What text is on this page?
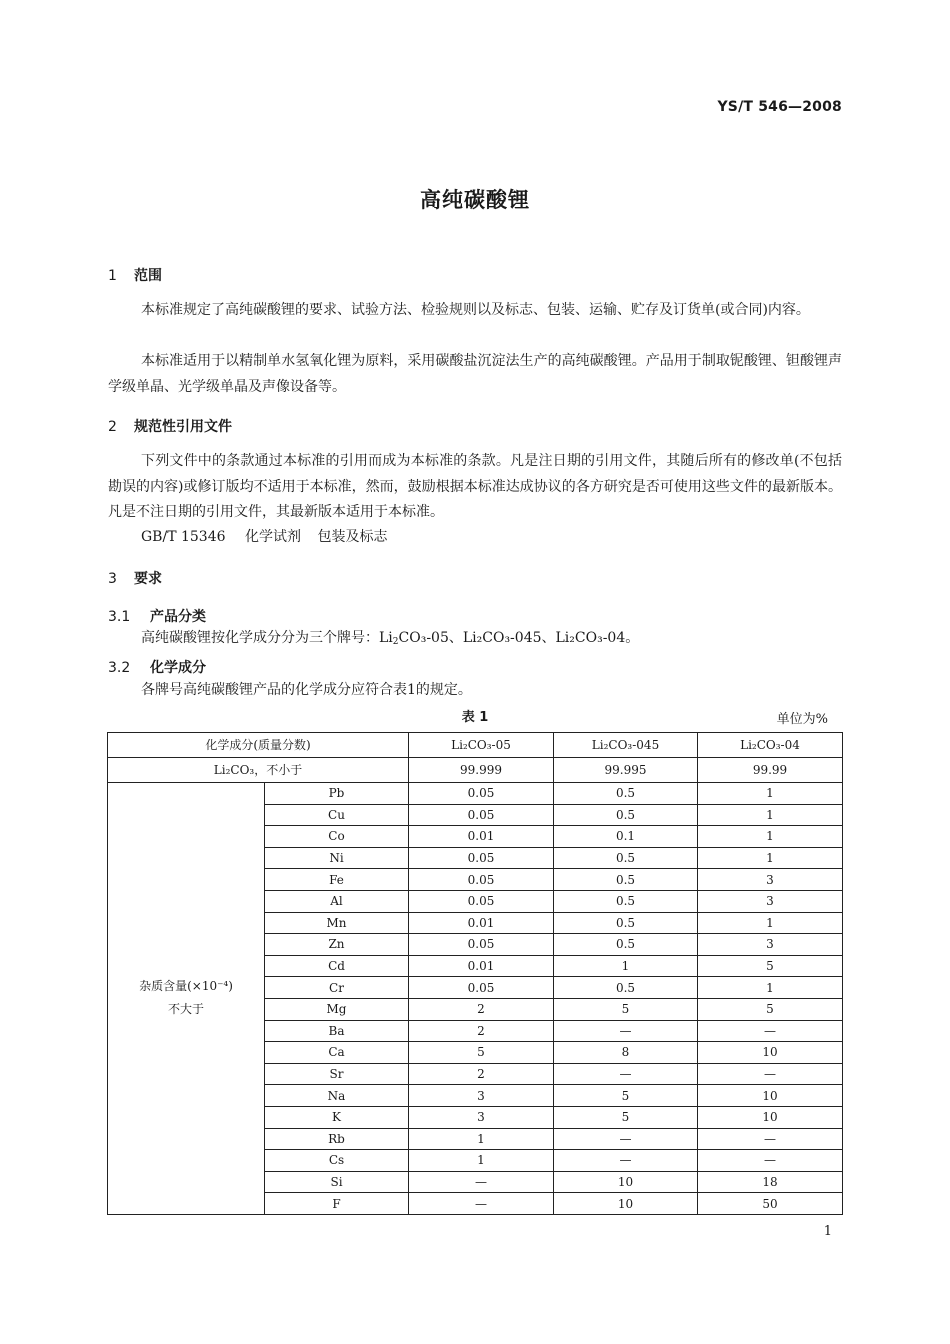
YS/T 546—2008
高纯碳酸锂
1 范围
本标准规定了高纯碳酸锂的要求、试验方法、检验规则以及标志、包装、运输、贮存及订货单(或合同)内容。
本标准适用于以精制单水氢氧化锂为原料，采用碳酸盐沉淀法生产的高纯碳酸锂。产品用于制取铌酸锂、钽酸锂声学级单晶、光学级单晶及声像设备等。
2 规范性引用文件
下列文件中的条款通过本标准的引用而成为本标准的条款。凡是注日期的引用文件，其随后所有的修改单(不包括勘误的内容)或修订版均不适用于本标准，然而，鼓励根据本标准达成协议的各方研究是否可使用这些文件的最新版本。凡是不注日期的引用文件，其最新版本适用于本标准。
GB/T 15346 化学试剂 包装及标志
3 要求
3.1 产品分类
高纯碳酸锂按化学成分分为三个牌号：$Li_2CO_3-05$、Li₂CO₃-045、Li₂CO₃-04。
3.2 化学成分
各牌号高纯碳酸锂产品的化学成分应符合表1的规定。
表 1	单位为%
化学成分(质量分数)		Li₂CO₃-05	Li₂CO₃-045	Li₂CO₃-04
Li₂CO₃，不小于		99.999	99.995	99.99

杂质含量(×10⁻⁴)
不大于	Pb	0.05	0.5	1
	Cu	0.05	0.5	1
	Co	0.01	0.1	1
	Ni	0.05	0.5	1
	Fe	0.05	0.5	3
	Al	0.05	0.5	3
	Mn	0.01	0.5	1
	Zn	0.05	0.5	3
	Cd	0.01	1	5
	Cr	0.05	0.5	1
	Mg	2	5	5
	Ba	2	—	—
	Ca	5	8	10
	Sr	2	—	—
	Na	3	5	10
	K	3	5	10
	Rb	1	—	—
	Cs	1	—	—
	Si	—	10	18
	F	—	10	50
1
